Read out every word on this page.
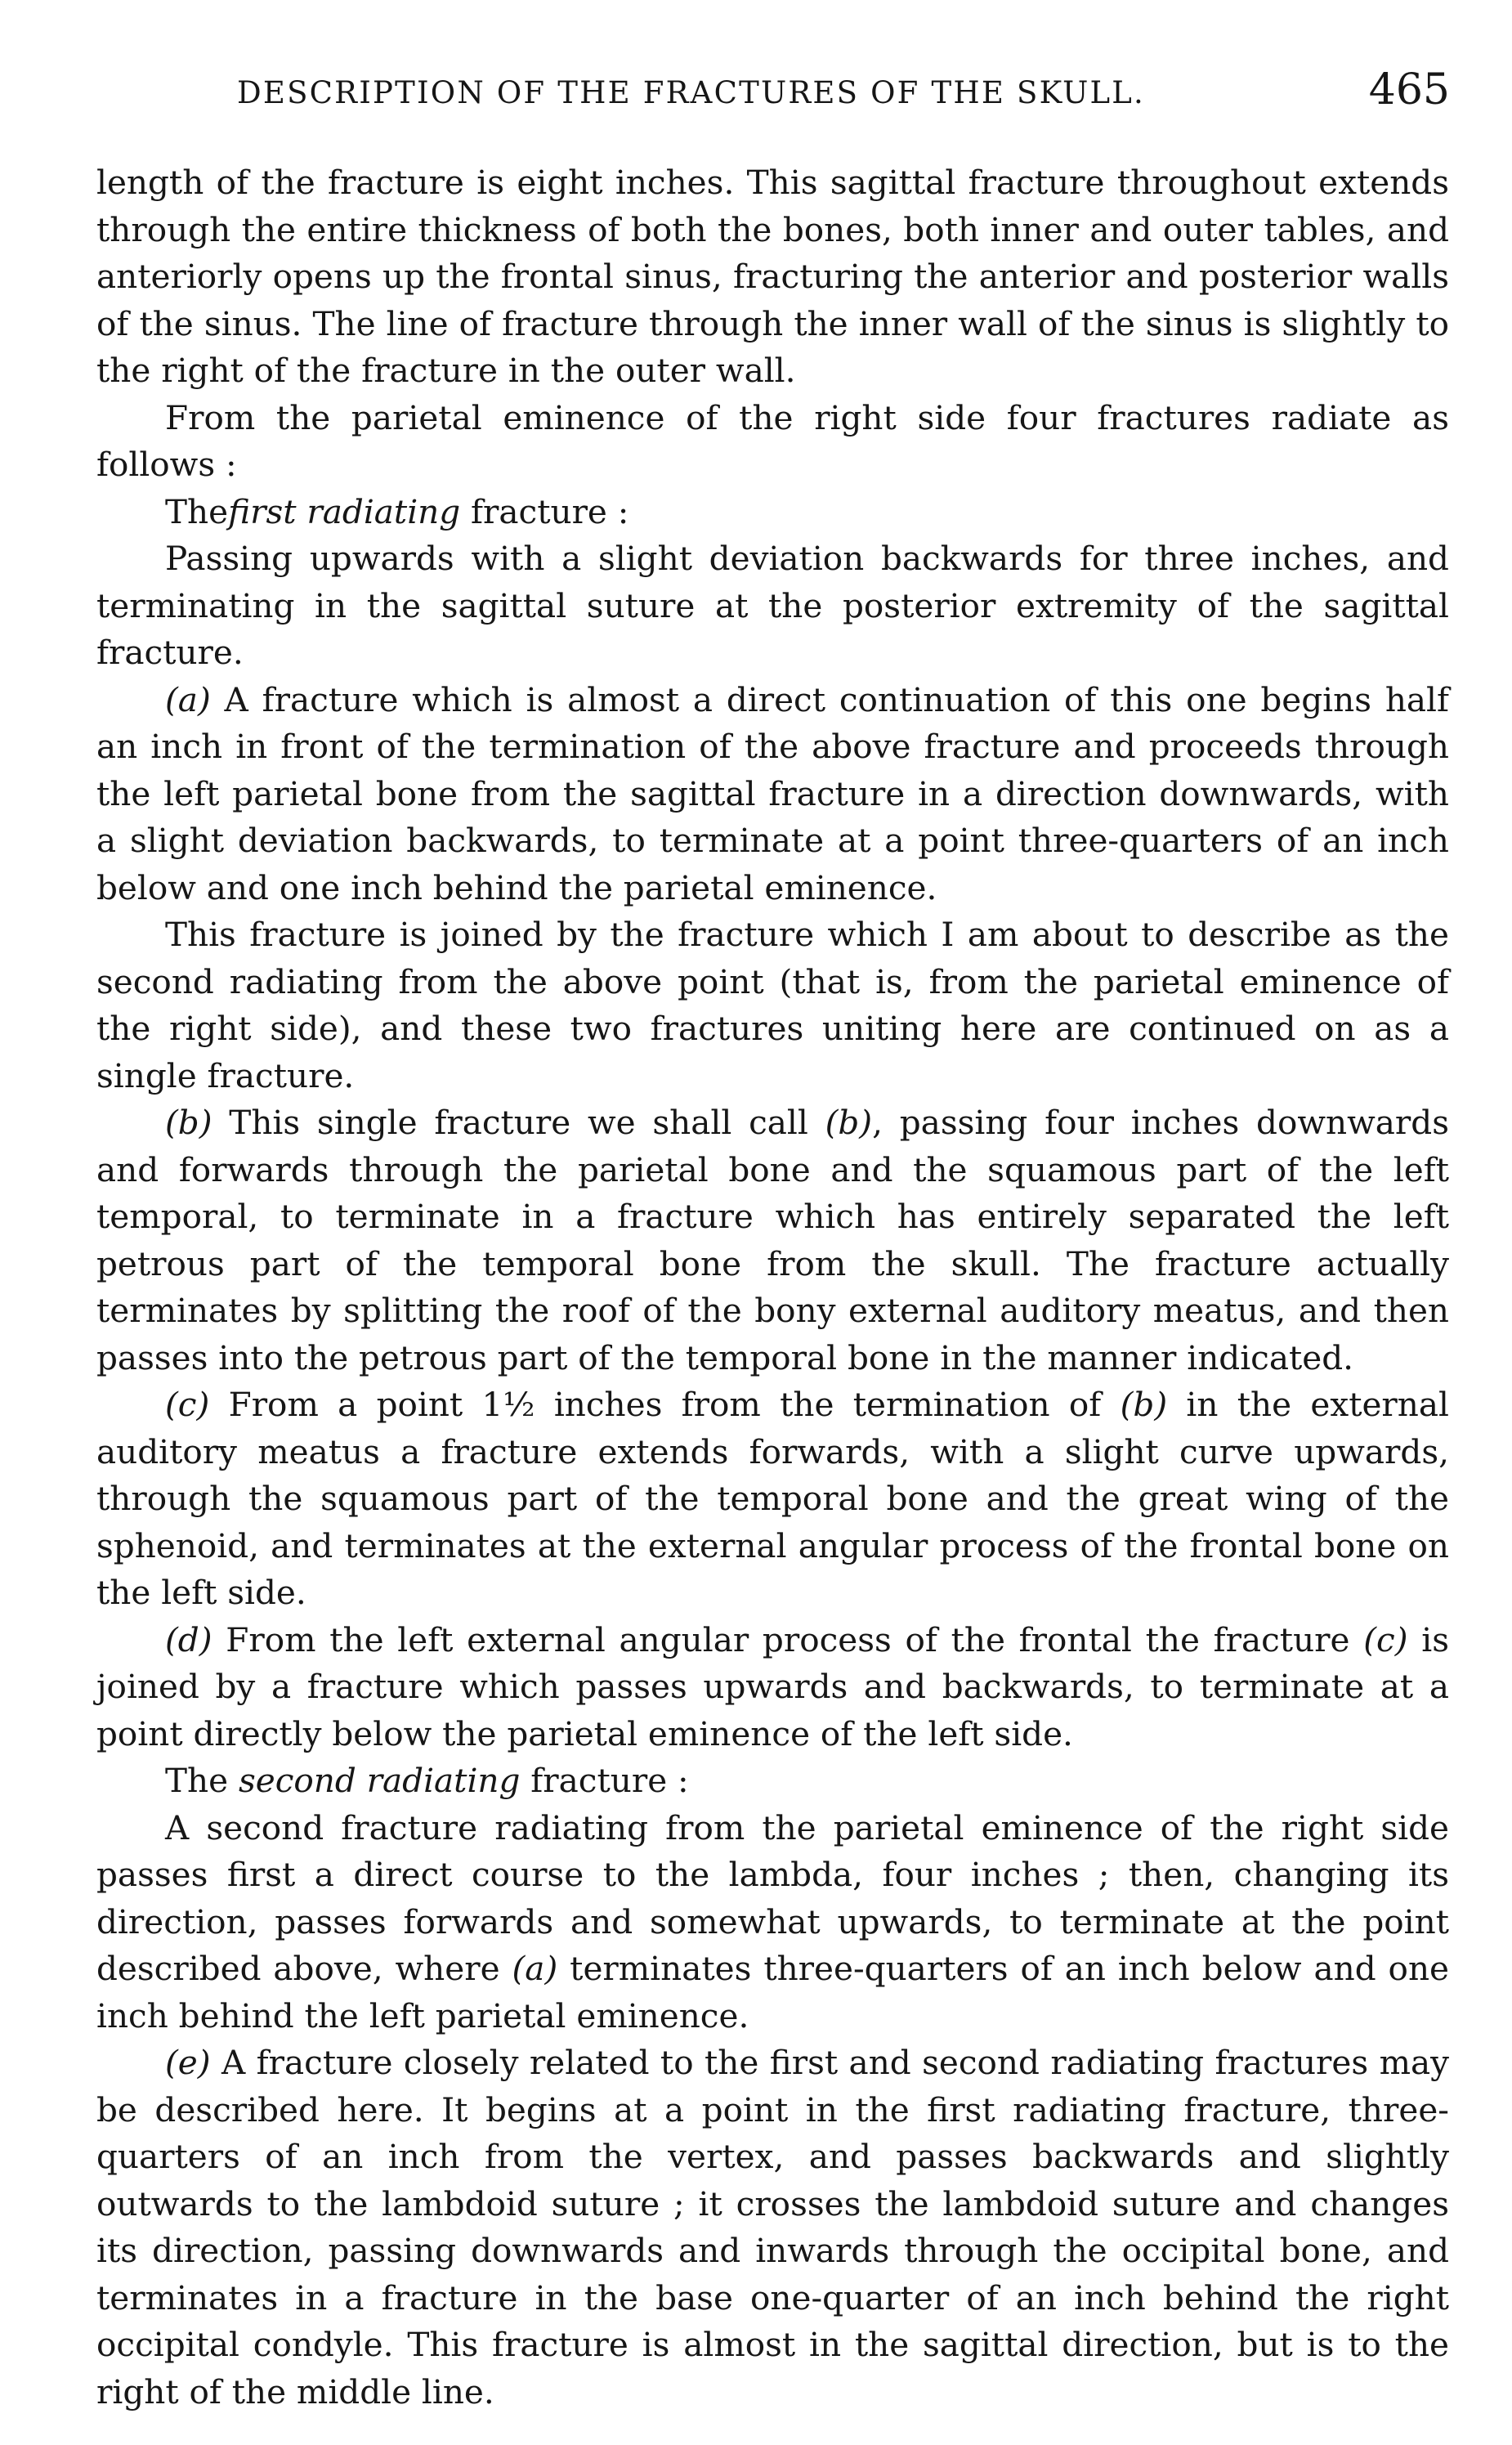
DESCRIPTION OF THE FRACTURES OF THE SKULL.	465

length of the fracture is eight inches. This sagittal fracture throughout extends through the entire thickness of both the bones, both inner and outer tables, and anteriorly opens up the frontal sinus, fracturing the anterior and posterior walls of the sinus. The line of fracture through the inner wall of the sinus is slightly to the right of the fracture in the outer wall.

From the parietal eminence of the right side four fractures radiate as follows :

Thefirst radiating fracture :

Passing upwards with a slight deviation backwards for three inches, and terminating in the sagittal suture at the posterior extremity of the sagittal fracture.

(a) A fracture which is almost a direct continuation of this one begins half an inch in front of the termination of the above fracture and proceeds through the left parietal bone from the sagittal fracture in a direction downwards, with a slight deviation backwards, to terminate at a point three-quarters of an inch below and one inch behind the parietal eminence.

This fracture is joined by the fracture which I am about to describe as the second radiating from the above point (that is, from the parietal eminence of the right side), and these two fractures uniting here are continued on as a single fracture.

(b) This single fracture we shall call (b), passing four inches downwards and forwards through the parietal bone and the squamous part of the left temporal, to terminate in a fracture which has entirely separated the left petrous part of the temporal bone from the skull. The fracture actually terminates by splitting the roof of the bony external auditory meatus, and then passes into the petrous part of the temporal bone in the manner indicated.

(c) From a point 1½ inches from the termination of (b) in the external auditory meatus a fracture extends forwards, with a slight curve upwards, through the squamous part of the temporal bone and the great wing of the sphenoid, and terminates at the external angular process of the frontal bone on the left side.

(d) From the left external angular process of the frontal the fracture (c) is joined by a fracture which passes upwards and backwards, to terminate at a point directly below the parietal eminence of the left side.

The second radiating fracture :

A second fracture radiating from the parietal eminence of the right side passes first a direct course to the lambda, four inches ; then, changing its direction, passes forwards and somewhat upwards, to terminate at the point described above, where (a) terminates three-quarters of an inch below and one inch behind the left parietal eminence.

(e) A fracture closely related to the first and second radiating fractures may be described here. It begins at a point in the first radiating fracture, three-quarters of an inch from the vertex, and passes backwards and slightly outwards to the lambdoid suture ; it crosses the lambdoid suture and changes its direction, passing downwards and inwards through the occipital bone, and terminates in a fracture in the base one-quarter of an inch behind the right occipital condyle. This fracture is almost in the sagittal direction, but is to the right of the middle line.
